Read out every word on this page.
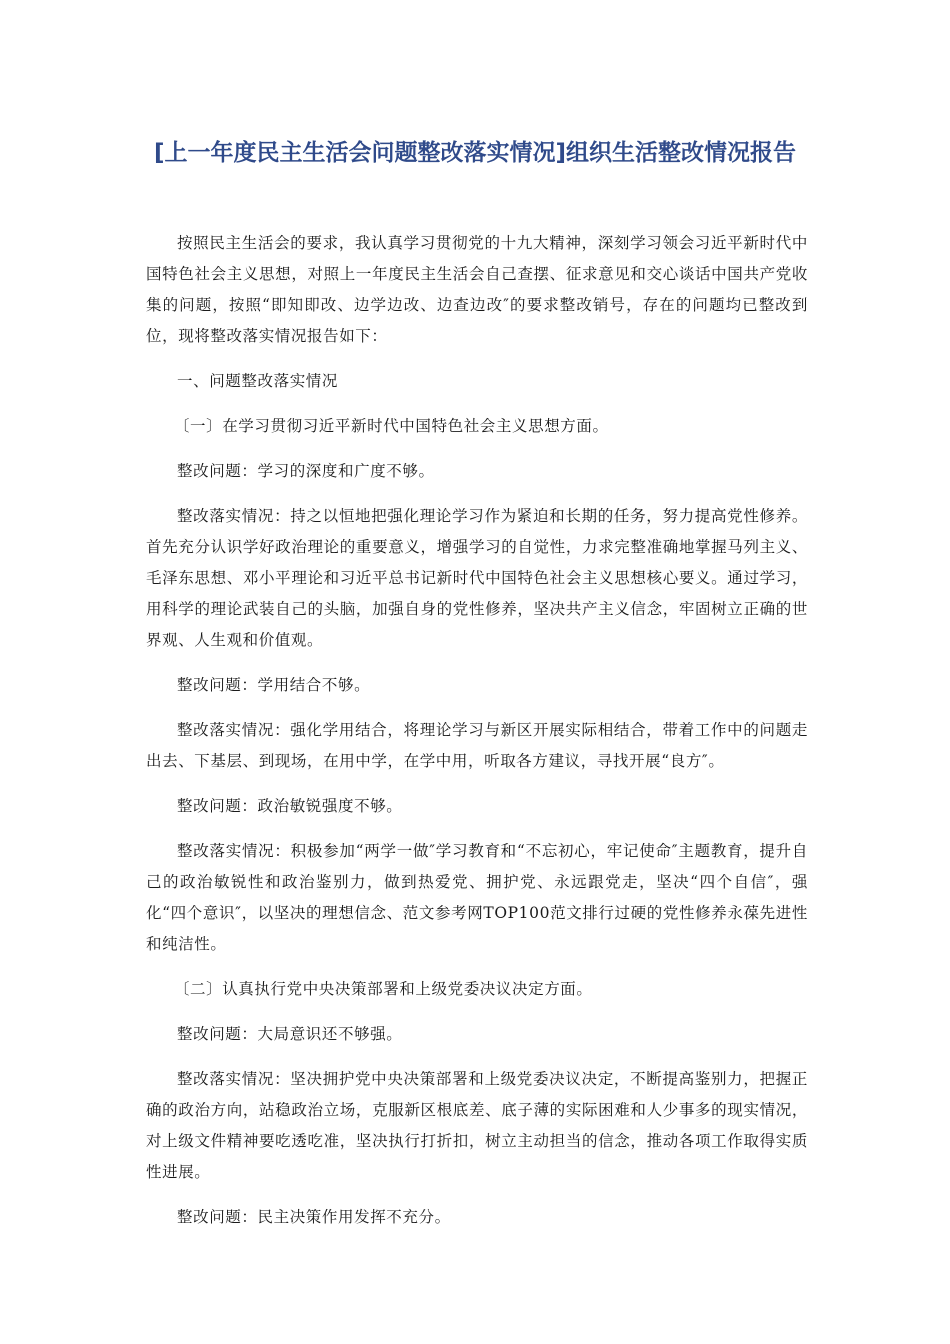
[上一年度民主生活会问题整改落实情况]组织生活整改情况报告

按照民主生活会的要求，我认真学习贯彻党的十九大精神，深刻学习领会习近平新时代中国特色社会主义思想，对照上一年度民主生活会自己查摆、征求意见和交心谈话中国共产党收集的问题，按照“即知即改、边学边改、边查边改″的要求整改销号，存在的问题均已整改到位，现将整改落实情况报告如下：

一、问题整改落实情况

〔一〕在学习贯彻习近平新时代中国特色社会主义思想方面。

整改问题：学习的深度和广度不够。

整改落实情况：持之以恒地把强化理论学习作为紧迫和长期的任务，努力提高党性修养。首先充分认识学好政治理论的重要意义，增强学习的自觉性，力求完整准确地掌握马列主义、毛泽东思想、邓小平理论和习近平总书记新时代中国特色社会主义思想核心要义。通过学习，用科学的理论武装自己的头脑，加强自身的党性修养，坚决共产主义信念，牢固树立正确的世界观、人生观和价值观。

整改问题：学用结合不够。

整改落实情况：强化学用结合，将理论学习与新区开展实际相结合，带着工作中的问题走出去、下基层、到现场，在用中学，在学中用，听取各方建议，寻找开展“良方″。

整改问题：政治敏锐强度不够。

整改落实情况：积极参加“两学一做″学习教育和“不忘初心，牢记使命″主题教育，提升自己的政治敏锐性和政治鉴别力，做到热爱党、拥护党、永远跟党走，坚决“四个自信″，强化“四个意识″，以坚决的理想信念、范文参考网TOP100范文排行过硬的党性修养永葆先进性和纯洁性。

〔二〕认真执行党中央决策部署和上级党委决议决定方面。

整改问题：大局意识还不够强。

整改落实情况：坚决拥护党中央决策部署和上级党委决议决定，不断提高鉴别力，把握正确的政治方向，站稳政治立场，克服新区根底差、底子薄的实际困难和人少事多的现实情况，对上级文件精神要吃透吃准，坚决执行打折扣，树立主动担当的信念，推动各项工作取得实质性进展。

整改问题：民主决策作用发挥不充分。
